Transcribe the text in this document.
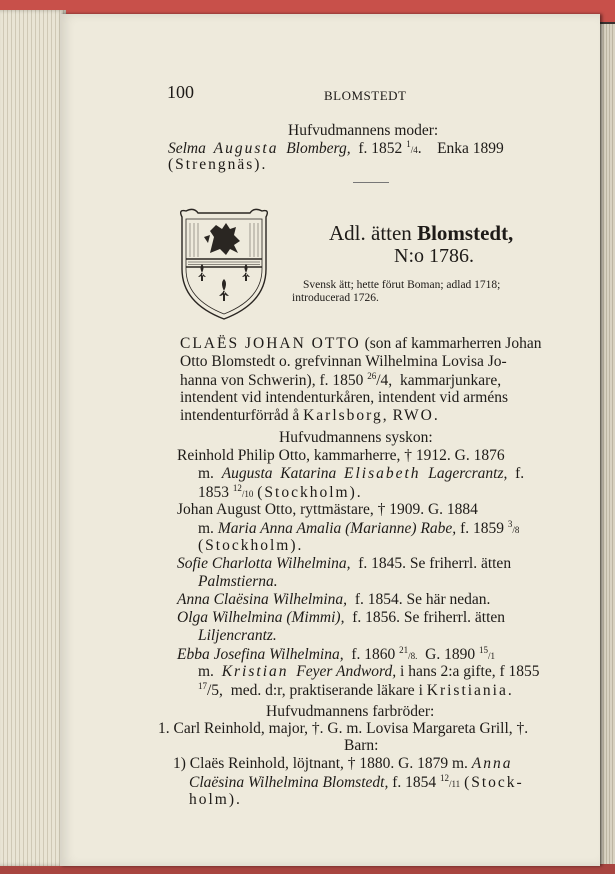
100	BLOMSTEDT
Hufvudmannens moder:
Selma Augusta Blomberg, f. 1852 $^1$/4. Enka 1899
(Strengnäs).
Adl. ätten Blomstedt,
N:o 1786.
Svensk ätt; hette förut Boman; adlad 1718;
introducerad 1726.
CLAËS JOHAN OTTO (son af kammarherren Johan
Otto Blomstedt o. grefvinnan Wilhelmina Lovisa Jo-
hanna von Schwerin), f. 1850 $^{26}$/4, kammarjunkare,
intendent vid intendenturkåren, intendent vid arméns
intendenturförråd å Karlsborg, RWO.
Hufvudmannens syskon:
Reinhold Philip Otto, kammarherre, † 1912. G. 1876
m. Augusta Katarina Elisabeth Lagercrantz, f.
1853 $^{12}$/10 (Stockholm).
Johan August Otto, ryttmästare, † 1909. G. 1884
m. Maria Anna Amalia (Marianne) Rabe, f. 1859 $^3$/8
(Stockholm).
Sofie Charlotta Wilhelmina, f. 1845. Se friherrl. ätten
Palmstierna.
Anna Claësina Wilhelmina, f. 1854. Se här nedan.
Olga Wilhelmina (Mimmi), f. 1856. Se friherrl. ätten
Liljencrantz.
Ebba Josefina Wilhelmina, f. 1860 $^{21}$/8. G. 1890 $^{15}$/1
m. Kristian Feyer Andword, i hans 2:a gifte, f 1855
$^{17}$/5, med. d:r, praktiserande läkare i Kristiania.
Hufvudmannens farbröder:
1. Carl Reinhold, major, †. G. m. Lovisa Margareta Grill, †.
Barn:
1) Claës Reinhold, löjtnant, † 1880. G. 1879 m. Anna
Claësina Wilhelmina Blomstedt, f. 1854 $^{12}$/11 (Stock-
holm).
